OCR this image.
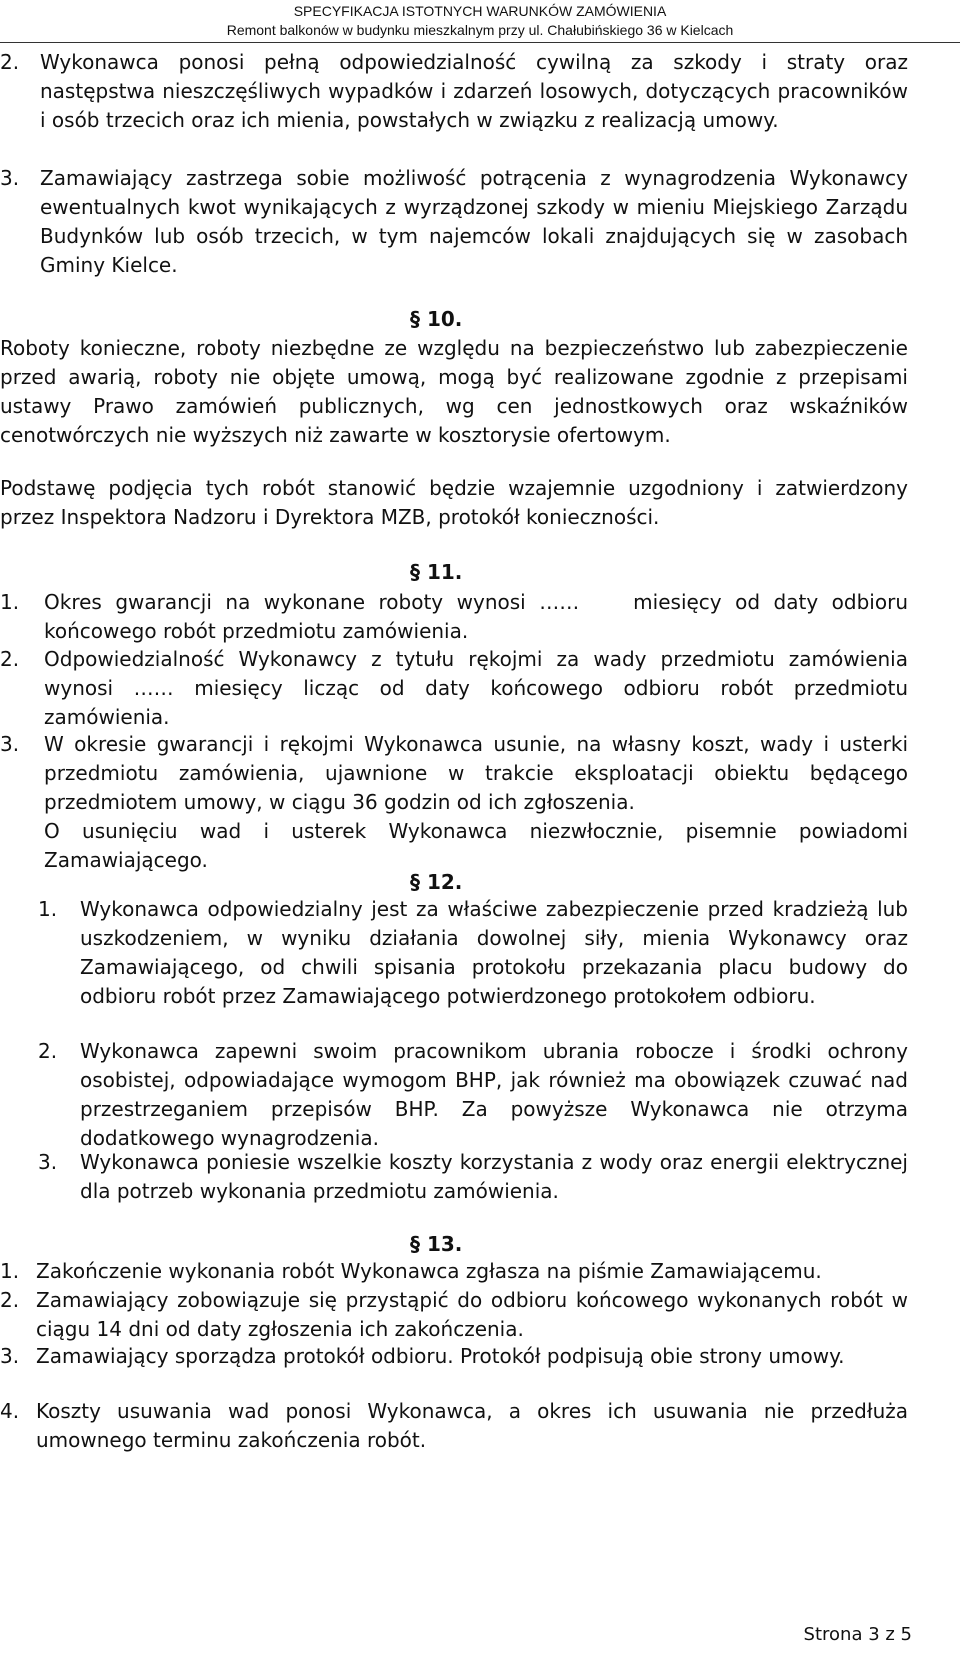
SPECYFIKACJA ISTOTNYCH WARUNKÓW ZAMÓWIENIA
Remont balkonów w budynku mieszkalnym przy ul. Chałubińskiego 36 w Kielcach
2.	Wykonawca ponosi pełną odpowiedzialność cywilną za szkody i straty oraz następstwa nieszczęśliwych wypadków i zdarzeń losowych, dotyczących pracowników i osób trzecich oraz ich mienia, powstałych w związku z realizacją umowy.

3.	Zamawiający zastrzega sobie możliwość potrącenia z wynagrodzenia Wykonawcy ewentualnych kwot wynikających z wyrządzonej szkody w mieniu Miejskiego Zarządu Budynków lub osób trzecich, w tym najemców lokali znajdujących się w zasobach Gminy Kielce.

§ 10.

Roboty konieczne, roboty niezbędne ze względu na bezpieczeństwo lub zabezpieczenie przed awarią, roboty nie objęte umową, mogą być realizowane zgodnie z przepisami ustawy Prawo zamówień publicznych, wg cen jednostkowych oraz wskaźników cenotwórczych nie wyższych niż zawarte w kosztorysie ofertowym.

Podstawę podjęcia tych robót stanowić będzie wzajemnie uzgodniony i zatwierdzony przez Inspektora Nadzoru i Dyrektora MZB, protokół konieczności.

§ 11.
1.	Okres gwarancji na wykonane roboty wynosi ……    miesięcy od daty odbioru końcowego robót przedmiotu zamówienia.

2.	Odpowiedzialność Wykonawcy z tytułu rękojmi za wady przedmiotu zamówienia wynosi …… miesięcy licząc od daty końcowego odbioru robót przedmiotu zamówienia.

3.	W okresie gwarancji i rękojmi Wykonawca usunie, na własny koszt, wady i usterki przedmiotu zamówienia, ujawnione w trakcie eksploatacji obiektu będącego przedmiotem umowy, w ciągu 36 godzin od ich zgłoszenia.

O usunięciu wad i usterek Wykonawca niezwłocznie, pisemnie powiadomi Zamawiającego.

§ 12.
1.	Wykonawca odpowiedzialny jest za właściwe zabezpieczenie przed kradzieżą lub uszkodzeniem, w wyniku działania dowolnej siły, mienia Wykonawcy oraz Zamawiającego, od chwili spisania protokołu przekazania placu budowy do odbioru robót przez Zamawiającego potwierdzonego protokołem odbioru.

2.	Wykonawca zapewni swoim pracownikom ubrania robocze i środki ochrony osobistej, odpowiadające wymogom BHP, jak również ma obowiązek czuwać nad przestrzeganiem przepisów BHP. Za powyższe Wykonawca nie otrzyma dodatkowego wynagrodzenia.

3.	Wykonawca poniesie wszelkie koszty korzystania z wody oraz energii elektrycznej dla potrzeb wykonania przedmiotu zamówienia.

§ 13.
1. Zakończenie wykonania robót Wykonawca zgłasza na piśmie Zamawiającemu.

2. Zamawiający zobowiązuje się przystąpić do odbioru końcowego wykonanych robót w ciągu 14 dni od daty zgłoszenia ich zakończenia.

3. Zamawiający sporządza protokół odbioru. Protokół podpisują obie strony umowy.

4. Koszty usuwania wad ponosi Wykonawca, a okres ich usuwania nie przedłuża umownego terminu zakończenia robót.

Strona 3 z 5
